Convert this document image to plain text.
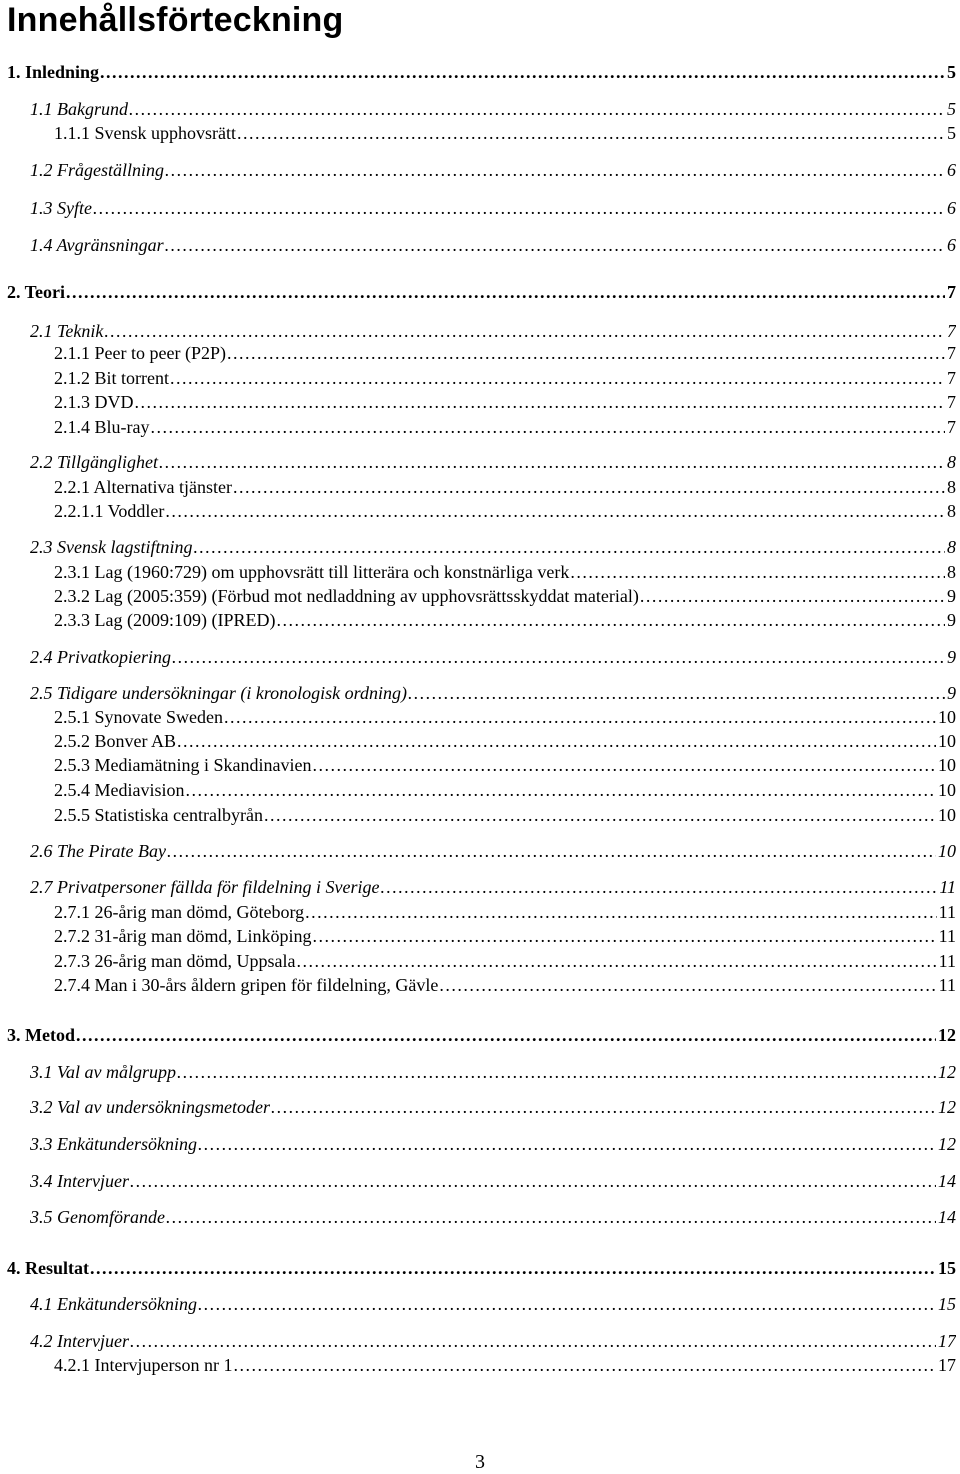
Innehållsförteckning
1. Inledning .....	5
1.1 Bakgrund .....	5
1.1.1 Svensk upphovsrätt .....	5
1.2 Frågeställning .....	6
1.3 Syfte .....	6
1.4 Avgränsningar .....	6
2. Teori .....	7
2.1 Teknik .....	7
2.1.1 Peer to peer (P2P) .....	7
2.1.2 Bit torrent .....	7
2.1.3 DVD .....	7
2.1.4 Blu-ray .....	7
2.2 Tillgänglighet .....	8
2.2.1 Alternativa tjänster .....	8
2.2.1.1 Voddler .....	8
2.3 Svensk lagstiftning .....	8
2.3.1 Lag (1960:729) om upphovsrätt till litterära och konstnärliga verk .....	8
2.3.2 Lag (2005:359) (Förbud mot nedladdning av upphovsrättsskyddat material) .....	9
2.3.3 Lag (2009:109) (IPRED) .....	9
2.4 Privatkopiering .....	9
2.5 Tidigare undersökningar (i kronologisk ordning) .....	9
2.5.1 Synovate Sweden .....	10
2.5.2 Bonver AB .....	10
2.5.3 Mediamätning i Skandinavien .....	10
2.5.4 Mediavision .....	10
2.5.5 Statistiska centralbyrån .....	10
2.6 The Pirate Bay .....	10
2.7 Privatpersoner fällda för fildelning i Sverige .....	11
2.7.1 26-årig man dömd, Göteborg .....	11
2.7.2 31-årig man dömd, Linköping .....	11
2.7.3 26-årig man dömd, Uppsala .....	11
2.7.4 Man i 30-års åldern gripen för fildelning, Gävle .....	11
3. Metod .....	12
3.1 Val av målgrupp .....	12
3.2 Val av undersökningsmetoder .....	12
3.3 Enkätundersökning .....	12
3.4 Intervjuer .....	14
3.5 Genomförande .....	14
4. Resultat .....	15
4.1 Enkätundersökning .....	15
4.2 Intervjuer .....	17
4.2.1 Intervjuperson nr 1 .....	17
3
